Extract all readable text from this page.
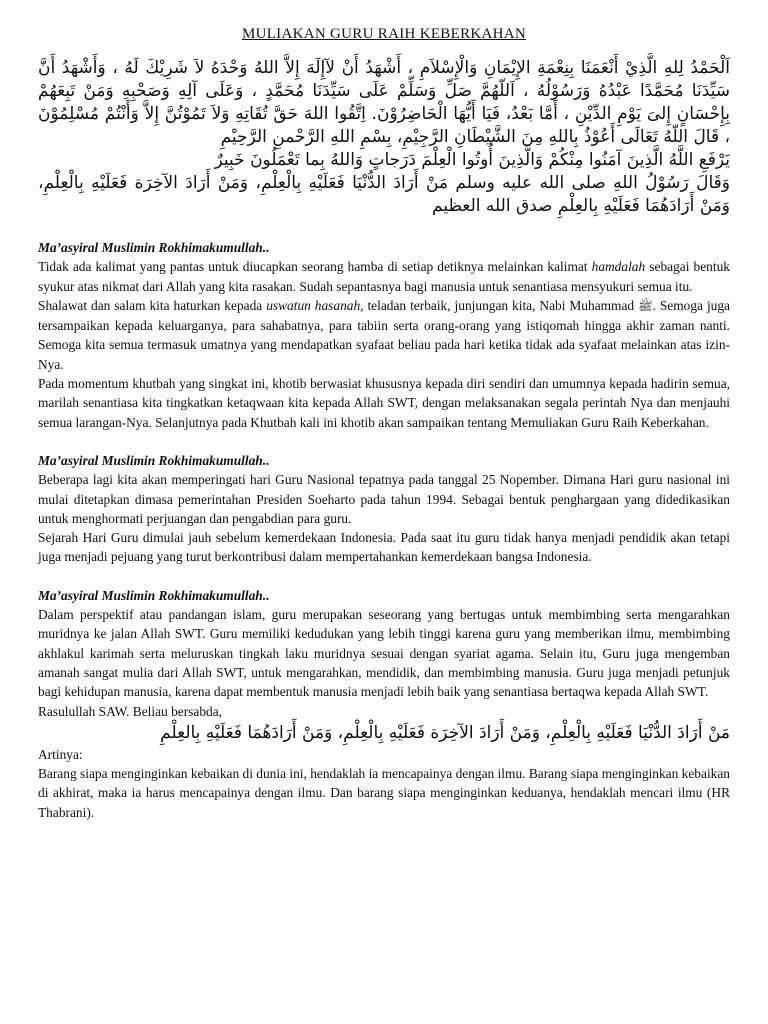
MULIAKAN GURU RAIH KEBERKAHAN

اَلْحَمْدُ لِلهِ الَّذِيْ أَنْعَمَنَا بِنِعْمَةِ الإِيْمَانِ وَالْإِسْلاَمِ ، أَشْهَدُ أَنْ لآإِلَهَ إِلاَّ اللهُ وَحْدَهُ لاَ شَرِيْكَ لَهُ ، وَأَشْهَدُ أَنَّ سَيِّدَنَا مُحَمَّدًا عَبْدُهُ وَرَسُوْلُهُ ، اَللّهُمَّ صَلِّ وَسَلِّمْ عَلَى سَيِّدَنَا مُحَمَّدٍ ، وَعَلَى آلِهِ وَصَحْبِهِ وَمَنْ تَبِعَهُمْ بِإِحْسَانٍ إِلىَ يَوْمِ الدِّيْنِ ، أَمَّا بَعْدُ، فَيَا أَيُّهَا الْحَاضِرُوْنَ. اِتَّقُوا اللهَ حَقَّ تُقَاتِهِ وَلاَ تَمُوْتُنَّ إِلاَّ وَأَنْتُمْ مُسْلِمُوْنَ ، قَالَ اللّهُ تَعَالَى أَعُوْذُ بِاللهِ مِنَ الشَّيْطَانِ الرَّجِيْمِ، بِسْمِ اللهِ الرَّحْمنِ الرَّحِيْمِ

يَرْفَعِ اللَّهُ الَّذِينَ آمَنُوا مِنْكُمْ وَالَّذِينَ أُوتُوا الْعِلْمَ دَرَجاتٍ وَاللهُ بِما تَعْمَلُونَ خَبِيرٌ

وَقَالَ رَسُوْلُ اللهِ صلى الله عليه وسلم مَنْ أَرَادَ الدُّنْيَا فَعَلَيْهِ بِالْعِلْمِ، وَمَنْ أَرَادَ الآخِرَة فَعَلَيْهِ بِالْعِلْمِ، وَمَنْ أَرَادَهُمَا فَعَلَيْهِ بِالعِلْمِ صدق الله العظيم

Ma’asyiral Muslimin Rokhimakumullah..

Tidak ada kalimat yang pantas untuk diucapkan seorang hamba di setiap detiknya melainkan kalimat hamdalah sebagai bentuk syukur atas nikmat dari Allah yang kita rasakan. Sudah sepantasnya bagi manusia untuk senantiasa mensyukuri semua itu.

Shalawat dan salam kita haturkan kepada uswatun hasanah, teladan terbaik, junjungan kita, Nabi Muhammad ﷺ. Semoga juga tersampaikan kepada keluarganya, para sahabatnya, para tabiin serta orang-orang yang istiqomah hingga akhir zaman nanti. Semoga kita semua termasuk umatnya yang mendapatkan syafaat beliau pada hari ketika tidak ada syafaat melainkan atas izin-Nya.

Pada momentum khutbah yang singkat ini, khotib berwasiat khususnya kepada diri sendiri dan umumnya kepada hadirin semua, marilah senantiasa kita tingkatkan ketaqwaan kita kepada Allah SWT, dengan melaksanakan segala perintah Nya dan menjauhi semua larangan-Nya. Selanjutnya pada Khutbah kali ini khotib akan sampaikan tentang Memuliakan Guru Raih Keberkahan.

Ma’asyiral Muslimin Rokhimakumullah..

Beberapa lagi kita akan memperingati hari Guru Nasional tepatnya pada tanggal 25 Nopember. Dimana Hari guru nasional ini mulai ditetapkan dimasa pemerintahan Presiden Soeharto pada tahun 1994. Sebagai bentuk penghargaan yang didedikasikan untuk menghormati perjuangan dan pengabdian para guru.

Sejarah Hari Guru dimulai jauh sebelum kemerdekaan Indonesia. Pada saat itu guru tidak hanya menjadi pendidik akan tetapi juga menjadi pejuang yang turut berkontribusi dalam mempertahankan kemerdekaan bangsa Indonesia.

Ma’asyiral Muslimin Rokhimakumullah..

Dalam perspektif atau pandangan islam, guru merupakan seseorang yang bertugas untuk membimbing serta mengarahkan muridnya ke jalan Allah SWT. Guru memiliki kedudukan yang lebih tinggi karena guru yang memberikan ilmu, membimbing akhlakul karimah serta meluruskan tingkah laku muridnya sesuai dengan syariat agama. Selain itu, Guru juga mengemban amanah sangat mulia dari Allah SWT, untuk mengarahkan, mendidik, dan membimbing manusia. Guru juga menjadi petunjuk bagi kehidupan manusia, karena dapat membentuk manusia menjadi lebih baik yang senantiasa bertaqwa kepada Allah SWT.

Rasulullah SAW. Beliau bersabda,

مَنْ أَرَادَ الدُّنْيَا فَعَلَيْهِ بِالْعِلْمِ، وَمَنْ أَرَادَ الآخِرَة فَعَلَيْهِ بِالْعِلْمِ، وَمَنْ أَرَادَهُمَا فَعَلَيْهِ بِالعِلْمِ

Artinya:

Barang siapa menginginkan kebaikan di dunia ini, hendaklah ia mencapainya dengan ilmu. Barang siapa menginginkan kebaikan di akhirat, maka ia harus mencapainya dengan ilmu. Dan barang siapa menginginkan keduanya, hendaklah mencari ilmu (HR Thabrani).
